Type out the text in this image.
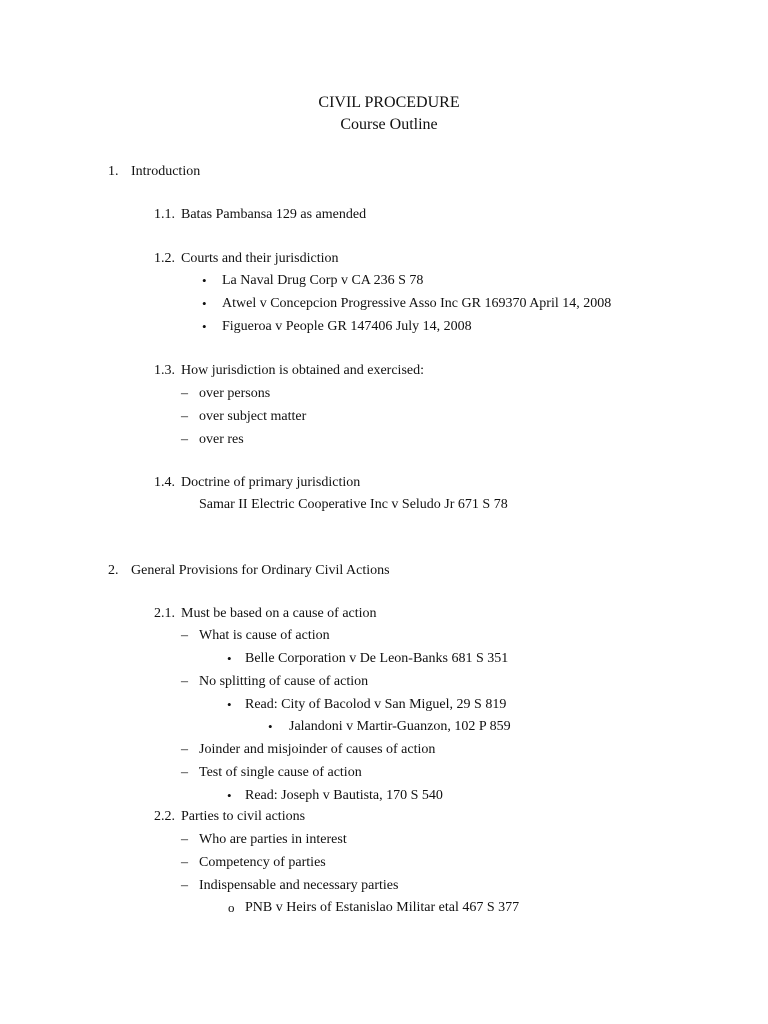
CIVIL PROCEDURE
Course Outline
1. Introduction
1.1. Batas Pambansa 129 as amended
1.2. Courts and their jurisdiction
• La Naval Drug Corp v CA 236 S 78
• Atwel v Concepcion Progressive Asso Inc GR 169370 April 14, 2008
• Figueroa v People GR 147406 July 14, 2008
1.3. How jurisdiction is obtained and exercised:
– over persons
– over subject matter
– over res
1.4. Doctrine of primary jurisdiction
Samar II Electric Cooperative Inc v Seludo Jr 671 S 78
2. General Provisions for Ordinary Civil Actions
2.1. Must be based on a cause of action
– What is cause of action
• Belle Corporation v De Leon-Banks 681 S 351
– No splitting of cause of action
• Read: City of Bacolod v San Miguel, 29 S 819
• Jalandoni v Martir-Guanzon, 102 P 859
– Joinder and misjoinder of causes of action
– Test of single cause of action
• Read: Joseph v Bautista, 170 S 540
2.2. Parties to civil actions
– Who are parties in interest
– Competency of parties
– Indispensable and necessary parties
o PNB v Heirs of Estanislao Militar etal 467 S 377
